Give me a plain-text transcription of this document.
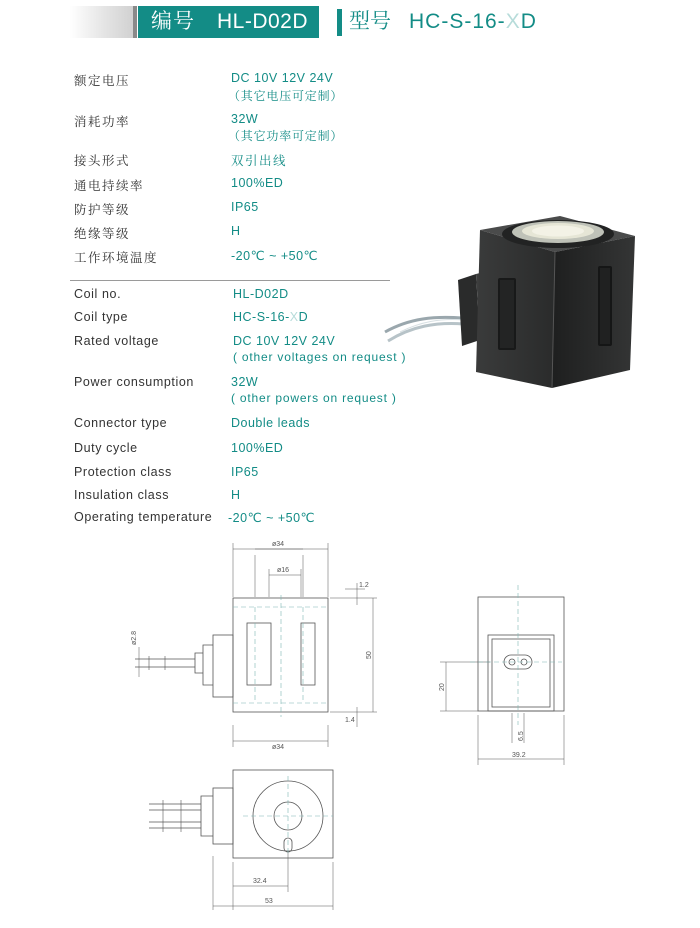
编号 HL-D02D 型号 HC-S-16-XD
额定电压	DC 10V 12V 24V
（其它电压可定制）
消耗功率	32W
（其它功率可定制）
接头形式	双引出线
通电持续率	100%ED
防护等级	IP65
绝缘等级	H
工作环境温度	-20℃ ~ +50℃
Coil no.	HL-D02D
Coil type	HC-S-16-XD
Rated voltage	DC 10V 12V 24V
( other voltages on request )
Power consumption	32W
( other powers on request )
Connector type	Double leads
Duty cycle	100%ED
Protection class	IP65
Insulation class	H
Operating temperature -20℃ ~ +50℃
ø34
ø16
1.2
50
1.4
ø34
ø2.8
20
6.5
39.2
32.4
53
